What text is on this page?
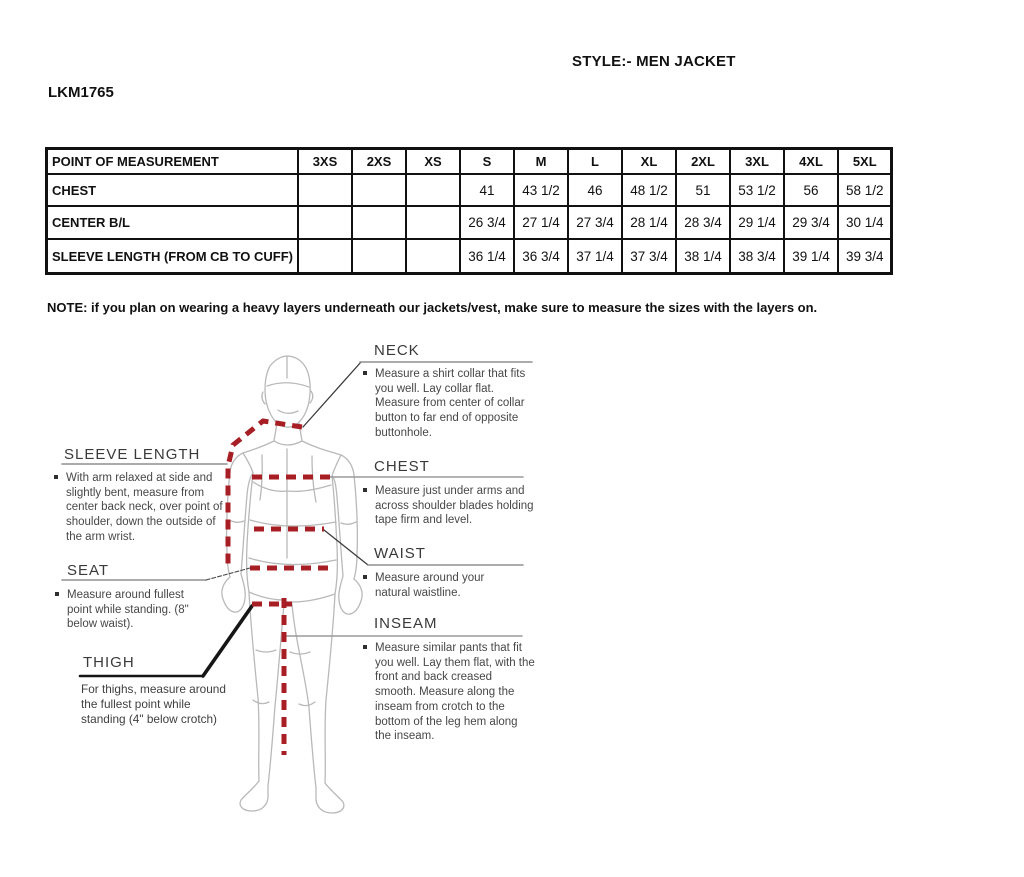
STYLE:- MEN JACKET
LKM1765
POINT OF MEASUREMENT	3XS	2XS	XS	S	M	L	XL	2XL	3XL	4XL	5XL
CHEST				41	43 1/2	46	48 1/2	51	53 1/2	56	58 1/2
CENTER B/L				26 3/4	27 1/4	27 3/4	28 1/4	28 3/4	29 1/4	29 3/4	30 1/4
SLEEVE LENGTH (FROM CB TO CUFF)				36 1/4	36 3/4	37 1/4	37 3/4	38 1/4	38 3/4	39 1/4	39 3/4
NOTE: if you plan on wearing a heavy layers underneath our jackets/vest, make sure to measure the sizes with the layers on.
NECK

Measure a shirt collar that fits you well. Lay collar flat. Measure from center of collar button to far end of opposite buttonhole.

CHEST

Measure just under arms and across shoulder blades holding tape firm and level.

WAIST

Measure around your natural waistline.

INSEAM

Measure similar pants that fit you well. Lay them flat, with the front and back creased smooth. Measure along the inseam from crotch to the bottom of the leg hem along the inseam.

SLEEVE LENGTH

With arm relaxed at side and slightly bent, measure from center back neck, over point of shoulder, down the outside of the arm wrist.

SEAT

Measure around fullest point while standing. (8" below waist).

THIGH

For thighs, measure around the fullest point while standing (4" below crotch)
